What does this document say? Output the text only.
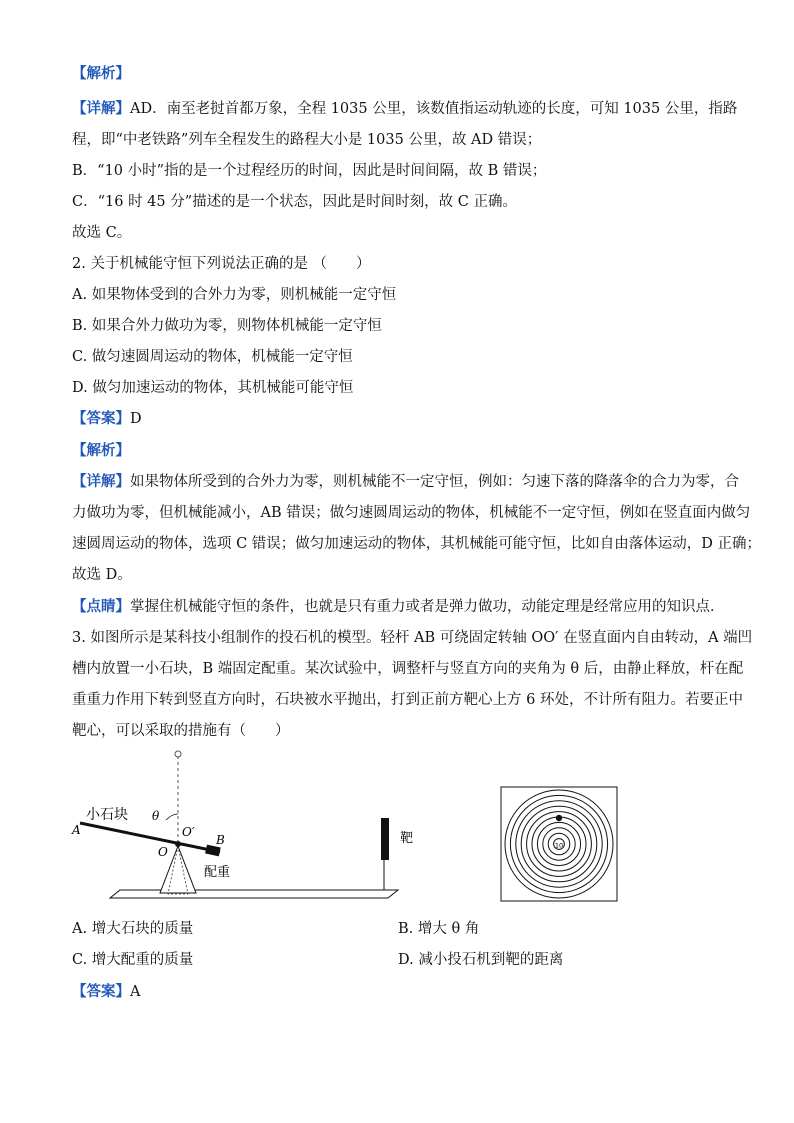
【解析】
【详解】AD．南至老挝首都万象，全程 1035 公里，该数值指运动轨迹的长度，可知 1035 公里，指路
程，即“中老铁路”列车全程发生的路程大小是 1035 公里，故 AD 错误；
B．“10 小时”指的是一个过程经历的时间，因此是时间间隔，故 B 错误；
C．“16 时 45 分”描述的是一个状态，因此是时间时刻，故 C 正确。
故选 C。
2. 关于机械能守恒下列说法正确的是 （　　）
A. 如果物体受到的合外力为零，则机械能一定守恒
B. 如果合外力做功为零，则物体机械能一定守恒
C. 做匀速圆周运动的物体，机械能一定守恒
D. 做匀加速运动的物体，其机械能可能守恒
【答案】D
【解析】
【详解】如果物体所受到的合外力为零，则机械能不一定守恒，例如：匀速下落的降落伞的合力为零，合
力做功为零，但机械能减小，AB 错误；做匀速圆周运动的物体，机械能不一定守恒，例如在竖直面内做匀
速圆周运动的物体，选项 C 错误；做匀加速运动的物体，其机械能可能守恒，比如自由落体运动，D 正确；
故选 D。
【点睛】掌握住机械能守恒的条件，也就是只有重力或者是弹力做功，动能定理是经常应用的知识点．
3. 如图所示是某科技小组制作的投石机的模型。轻杆 AB 可绕固定转轴 OO′ 在竖直面内自由转动，A 端凹
槽内放置一小石块，B 端固定配重。某次试验中，调整杆与竖直方向的夹角为 θ 后，由静止释放，杆在配
重重力作用下转到竖直方向时，石块被水平抛出，打到正前方靶心上方 6 环处，不计所有阻力。若要正中
靶心，可以采取的措施有（　　）
小石块
A
θ
O′
O
B
配重
靶	10
A. 增大石块的质量	B. 增大 θ 角
C. 增大配重的质量	D. 减小投石机到靶的距离
【答案】A
